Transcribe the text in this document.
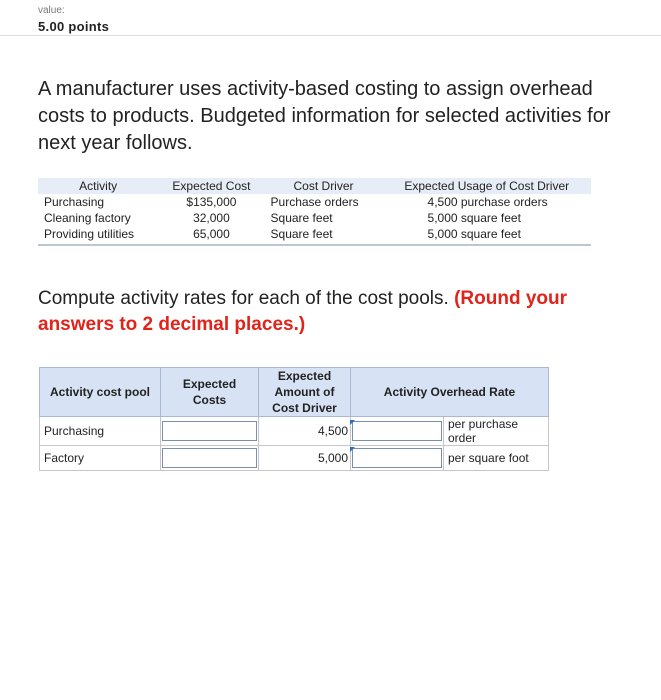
value:
5.00 points
A manufacturer uses activity-based costing to assign overhead costs to products. Budgeted information for selected activities for next year follows.
Activity	Expected Cost	Cost Driver	Expected Usage of Cost Driver
Purchasing	$135,000	Purchase orders	4,500 purchase orders
Cleaning factory	32,000	Square feet	5,000 square feet
Providing utilities	65,000	Square feet	5,000 square feet
Compute activity rates for each of the cost pools. (Round your answers to 2 decimal places.)
Activity cost pool	Expected Costs	Expected Amount of Cost Driver	Activity Overhead Rate	
Purchasing		4,500		per purchase order
Factory		5,000		per square foot
